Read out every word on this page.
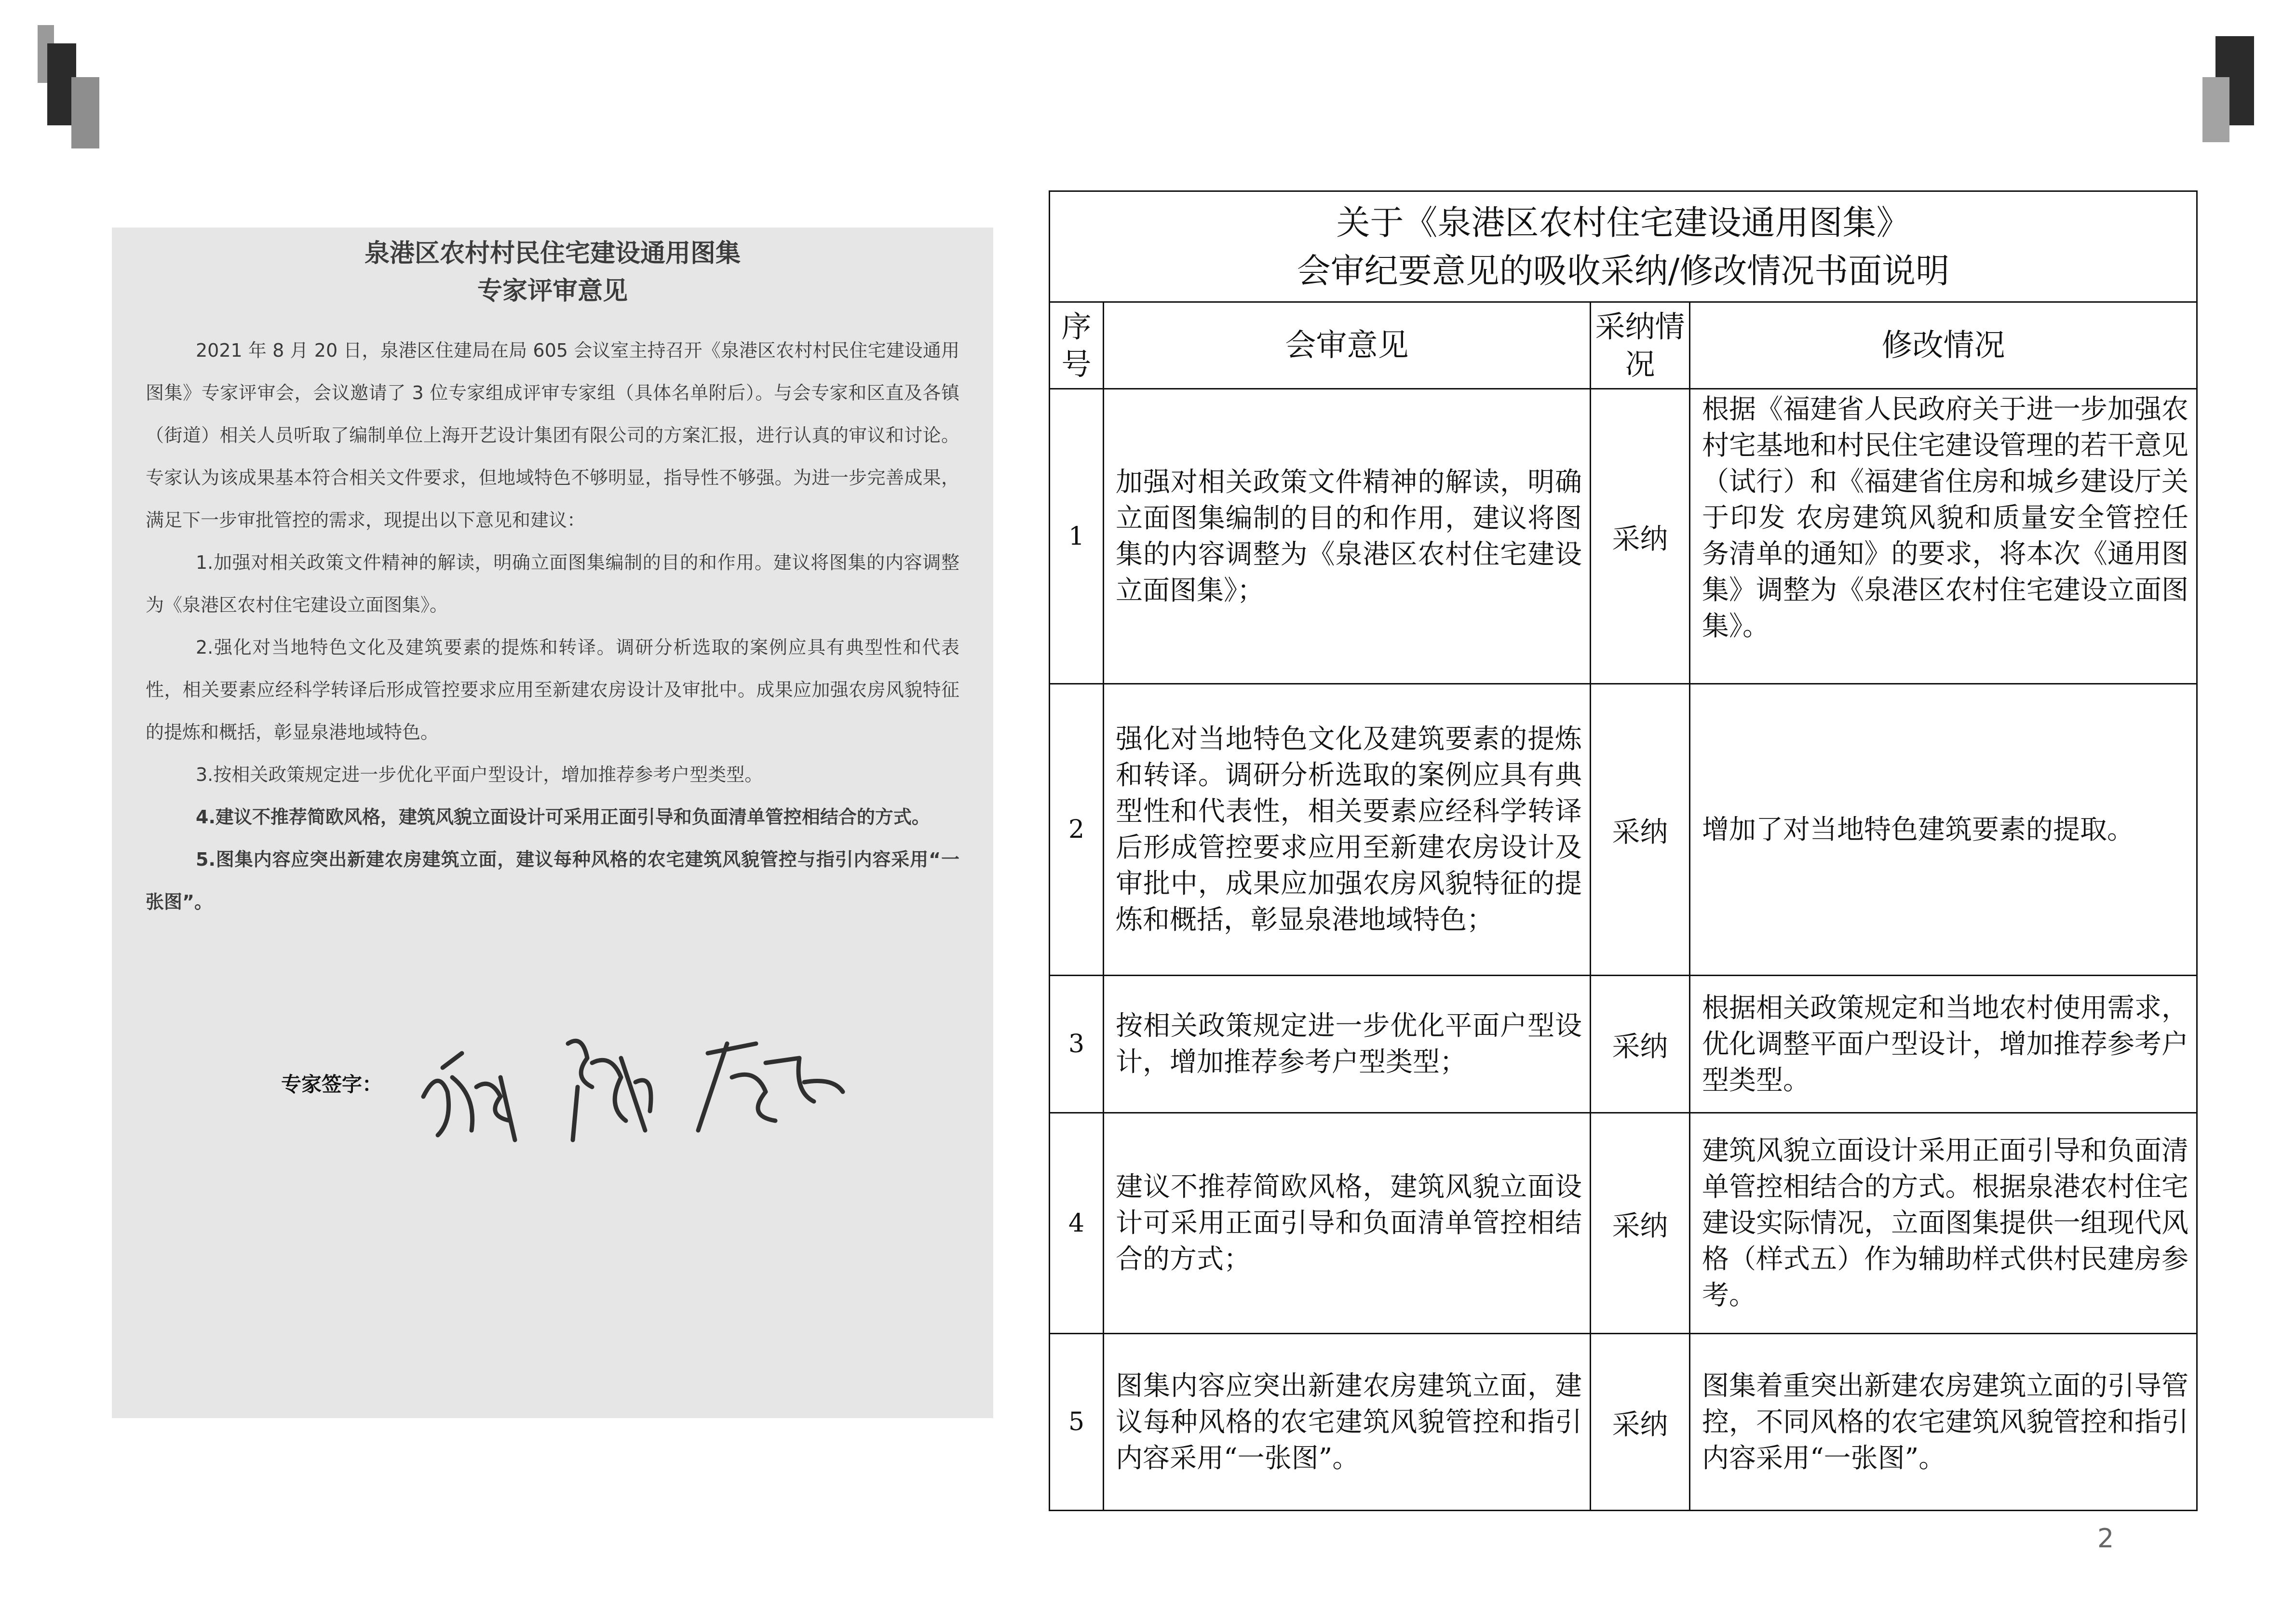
泉港区农村村民住宅建设通用图集
专家评审意见

2021 年 8 月 20 日，泉港区住建局在局 605 会议室主持召开《泉港区农村村民住宅建设通用图集》专家评审会，会议邀请了 3 位专家组成评审专家组（具体名单附后）。与会专家和区直及各镇（街道）相关人员听取了编制单位上海开艺设计集团有限公司的方案汇报，进行认真的审议和讨论。专家认为该成果基本符合相关文件要求，但地域特色不够明显，指导性不够强。为进一步完善成果，满足下一步审批管控的需求，现提出以下意见和建议：

1.加强对相关政策文件精神的解读，明确立面图集编制的目的和作用。建议将图集的内容调整为《泉港区农村住宅建设立面图集》。

2.强化对当地特色文化及建筑要素的提炼和转译。调研分析选取的案例应具有典型性和代表性，相关要素应经科学转译后形成管控要求应用至新建农房设计及审批中。成果应加强农房风貌特征的提炼和概括，彰显泉港地域特色。

3.按相关政策规定进一步优化平面户型设计，增加推荐参考户型类型。

4.建议不推荐简欧风格，建筑风貌立面设计可采用正面引导和负面清单管控相结合的方式。

5.图集内容应突出新建农房建筑立面，建议每种风格的农宅建筑风貌管控与指引内容采用“一张图”。

专家签字：
关于《泉港区农村住宅建设通用图集》
会审纪要意见的吸收采纳/修改情况书面说明			

序号	会审意见	采纳情况	修改情况
1	加强对相关政策文件精神的解读，明确立面图集编制的目的和作用，建议将图集的内容调整为《泉港区农村住宅建设立面图集》；	采纳	根据《福建省人民政府关于进一步加强农村宅基地和村民住宅建设管理的若干意见（试行）和《福建省住房和城乡建设厅关于印发 农房建筑风貌和质量安全管控任务清单的通知》的要求，将本次《通用图集》调整为《泉港区农村住宅建设立面图集》。
2	强化对当地特色文化及建筑要素的提炼和转译。调研分析选取的案例应具有典型性和代表性，相关要素应经科学转译后形成管控要求应用至新建农房设计及审批中，成果应加强农房风貌特征的提炼和概括，彰显泉港地域特色；	采纳	增加了对当地特色建筑要素的提取。
3	按相关政策规定进一步优化平面户型设计，增加推荐参考户型类型；	采纳	根据相关政策规定和当地农村使用需求，优化调整平面户型设计，增加推荐参考户型类型。
4	建议不推荐简欧风格，建筑风貌立面设计可采用正面引导和负面清单管控相结合的方式；	采纳	建筑风貌立面设计采用正面引导和负面清单管控相结合的方式。根据泉港农村住宅建设实际情况，立面图集提供一组现代风格（样式五）作为辅助样式供村民建房参考。
5	图集内容应突出新建农房建筑立面，建议每种风格的农宅建筑风貌管控和指引内容采用“一张图”。	采纳	图集着重突出新建农房建筑立面的引导管控，不同风格的农宅建筑风貌管控和指引内容采用“一张图”。
2
